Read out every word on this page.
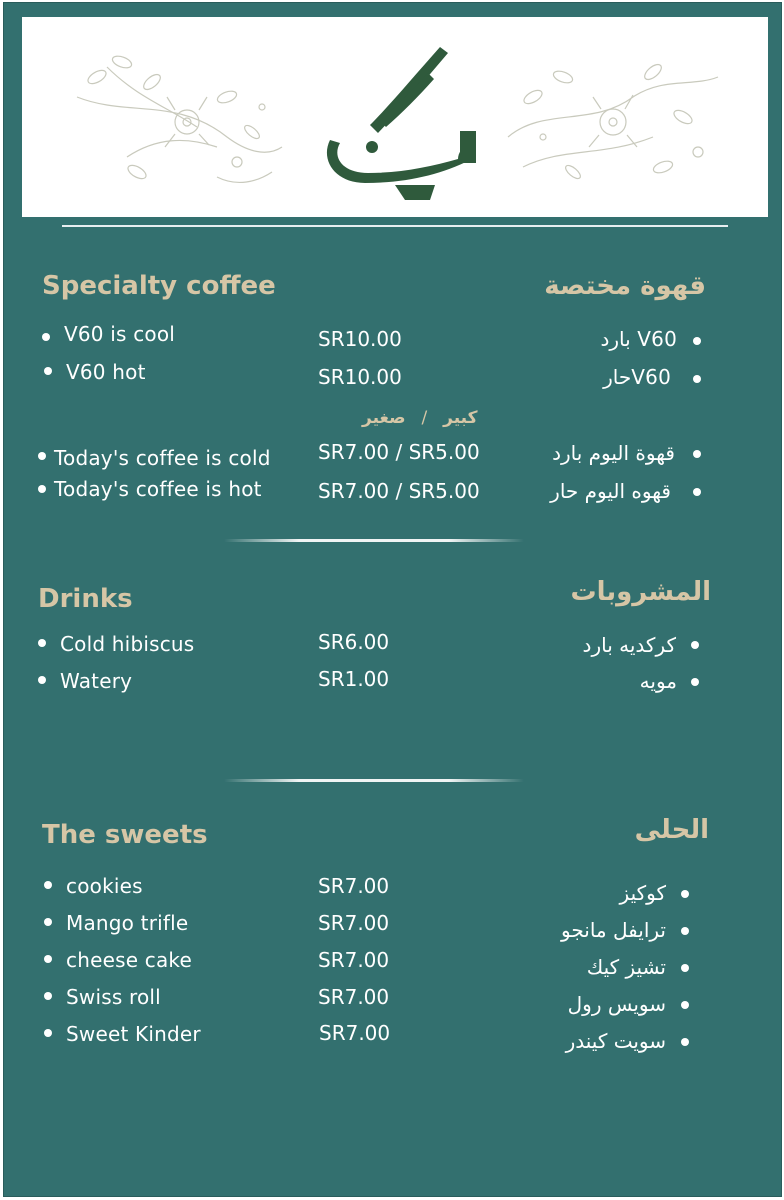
Specialty coffee	قهوة مختصة
V60 is cool	SR10.00	V60 بارد
V60 hot	SR10.00	V60حار
كبير / صغير
Today's coffee is cold SR7.00 / SR5.00	قهوة اليوم بارد
Today's coffee is hot	SR7.00 / SR5.00	قهوه اليوم حار
Drinks	المشروبات
Cold hibiscus	SR6.00	كركديه بارد
Watery	SR1.00	مويه
The sweets	الحلى
cookies	SR7.00	كوكيز
Mango trifle	SR7.00	ترايفل مانجو
cheese cake	SR7.00	تشيز كيك
Swiss roll	SR7.00	سويس رول
Sweet Kinder	SR7.00	سويت كيندر
